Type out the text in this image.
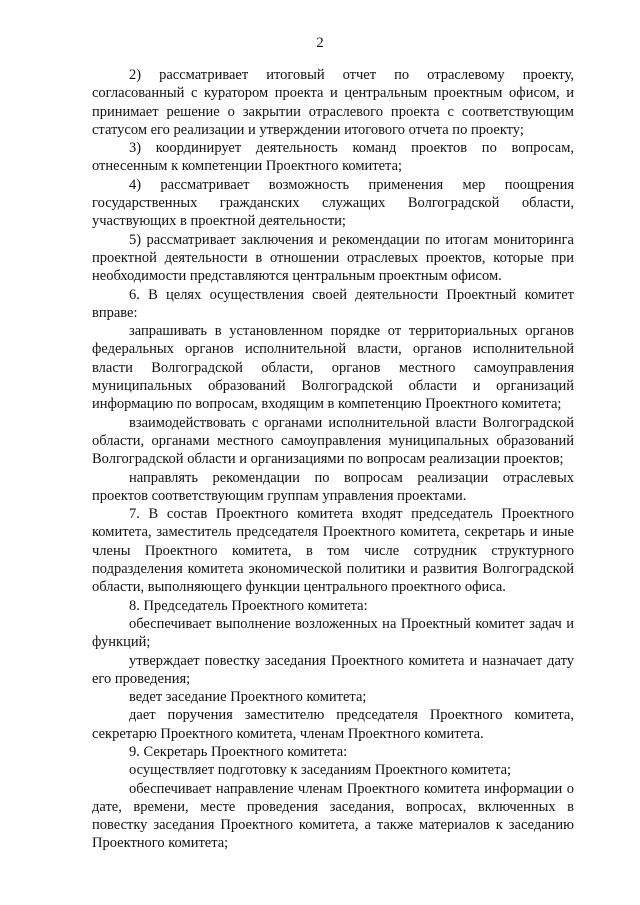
2

2) рассматривает итоговый отчет по отраслевому проекту, согласованный с куратором проекта и центральным проектным офисом, и принимает решение о закрытии отраслевого проекта с соответствующим статусом его реализации и утверждении итогового отчета по проекту;

3) координирует деятельность команд проектов по вопросам, отнесенным к компетенции Проектного комитета;

4) рассматривает возможность применения мер поощрения государственных гражданских служащих Волгоградской области, участвующих в проектной деятельности;

5) рассматривает заключения и рекомендации по итогам мониторинга проектной деятельности в отношении отраслевых проектов, которые при необходимости представляются центральным проектным офисом.

6. В целях осуществления своей деятельности Проектный комитет вправе:

запрашивать в установленном порядке от территориальных органов федеральных органов исполнительной власти, органов исполнительной власти Волгоградской области, органов местного самоуправления муниципальных образований Волгоградской области и организаций информацию по вопросам, входящим в компетенцию Проектного комитета;

взаимодействовать с органами исполнительной власти Волгоградской области, органами местного самоуправления муниципальных образований Волгоградской области и организациями по вопросам реализации проектов;

направлять рекомендации по вопросам реализации отраслевых проектов соответствующим группам управления проектами.

7. В состав Проектного комитета входят председатель Проектного комитета, заместитель председателя Проектного комитета, секретарь и иные члены Проектного комитета, в том числе сотрудник структурного подразделения комитета экономической политики и развития Волгоградской области, выполняющего функции центрального проектного офиса.

8. Председатель Проектного комитета:

обеспечивает выполнение возложенных на Проектный комитет задач и функций;

утверждает повестку заседания Проектного комитета и назначает дату его проведения;

ведет заседание Проектного комитета;

дает поручения заместителю председателя Проектного комитета, секретарю Проектного комитета, членам Проектного комитета.

9. Секретарь Проектного комитета:

осуществляет подготовку к заседаниям Проектного комитета;

обеспечивает направление членам Проектного комитета информации о дате, времени, месте проведения заседания, вопросах, включенных в повестку заседания Проектного комитета, а также материалов к заседанию Проектного комитета;
